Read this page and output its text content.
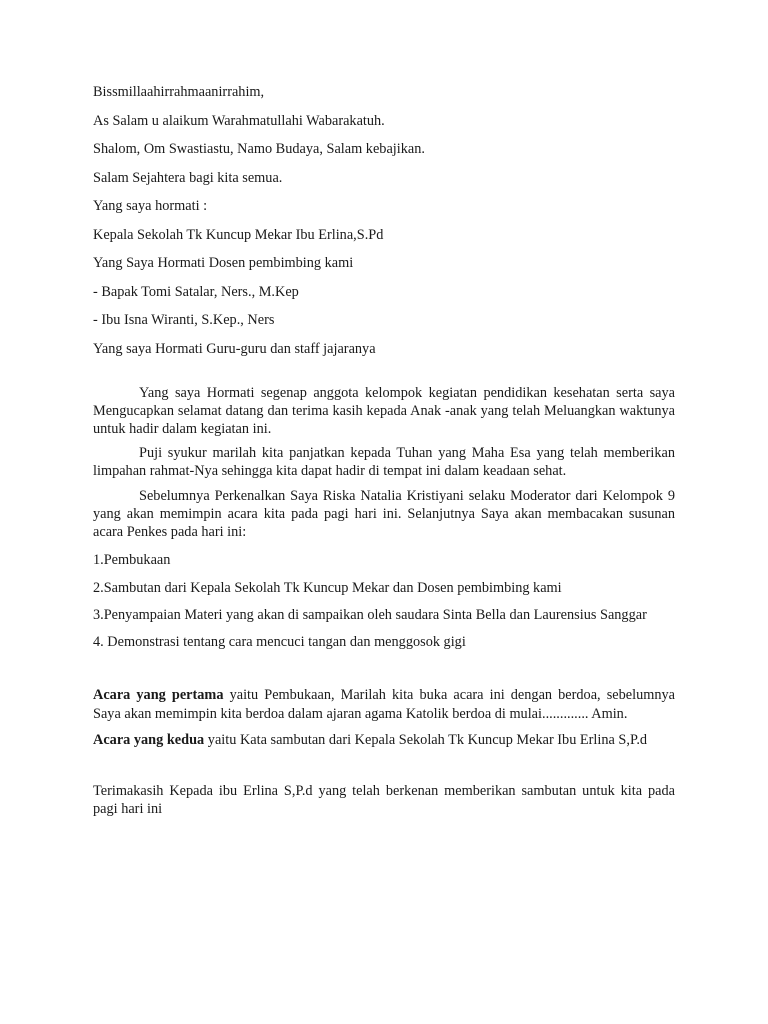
Bissmillaahirrahmaanirrahim,

As Salam u alaikum Warahmatullahi Wabarakatuh.

Shalom, Om Swastiastu, Namo Budaya, Salam kebajikan.

Salam Sejahtera bagi kita semua.

Yang saya hormati :

Kepala Sekolah Tk Kuncup Mekar Ibu Erlina,S.Pd

Yang Saya Hormati Dosen pembimbing kami

- Bapak Tomi Satalar, Ners., M.Kep

- Ibu Isna Wiranti, S.Kep., Ners

Yang saya Hormati Guru-guru dan staff jajaranya

Yang saya Hormati segenap anggota kelompok kegiatan pendidikan kesehatan serta saya Mengucapkan selamat datang dan terima kasih kepada Anak -anak yang telah Meluangkan waktunya untuk hadir dalam kegiatan ini.

Puji syukur marilah kita panjatkan kepada Tuhan yang Maha Esa yang telah memberikan limpahan rahmat-Nya sehingga kita dapat hadir di tempat ini dalam keadaan sehat.

Sebelumnya Perkenalkan Saya Riska Natalia Kristiyani selaku Moderator dari Kelompok 9 yang akan memimpin acara kita pada pagi hari ini. Selanjutnya Saya akan membacakan susunan acara Penkes pada hari ini:

1.Pembukaan

2.Sambutan dari Kepala Sekolah Tk Kuncup Mekar dan Dosen pembimbing kami

3.Penyampaian Materi yang akan di sampaikan oleh saudara Sinta Bella dan Laurensius Sanggar

4. Demonstrasi tentang cara mencuci tangan dan menggosok gigi

Acara yang pertama yaitu Pembukaan, Marilah kita buka acara ini dengan berdoa, sebelumnya Saya akan memimpin kita berdoa dalam ajaran agama Katolik berdoa di mulai............. Amin.

Acara yang kedua yaitu Kata sambutan dari Kepala Sekolah Tk Kuncup Mekar Ibu Erlina S,P.d

Terimakasih Kepada ibu Erlina S,P.d yang telah berkenan memberikan sambutan untuk kita pada pagi hari ini
